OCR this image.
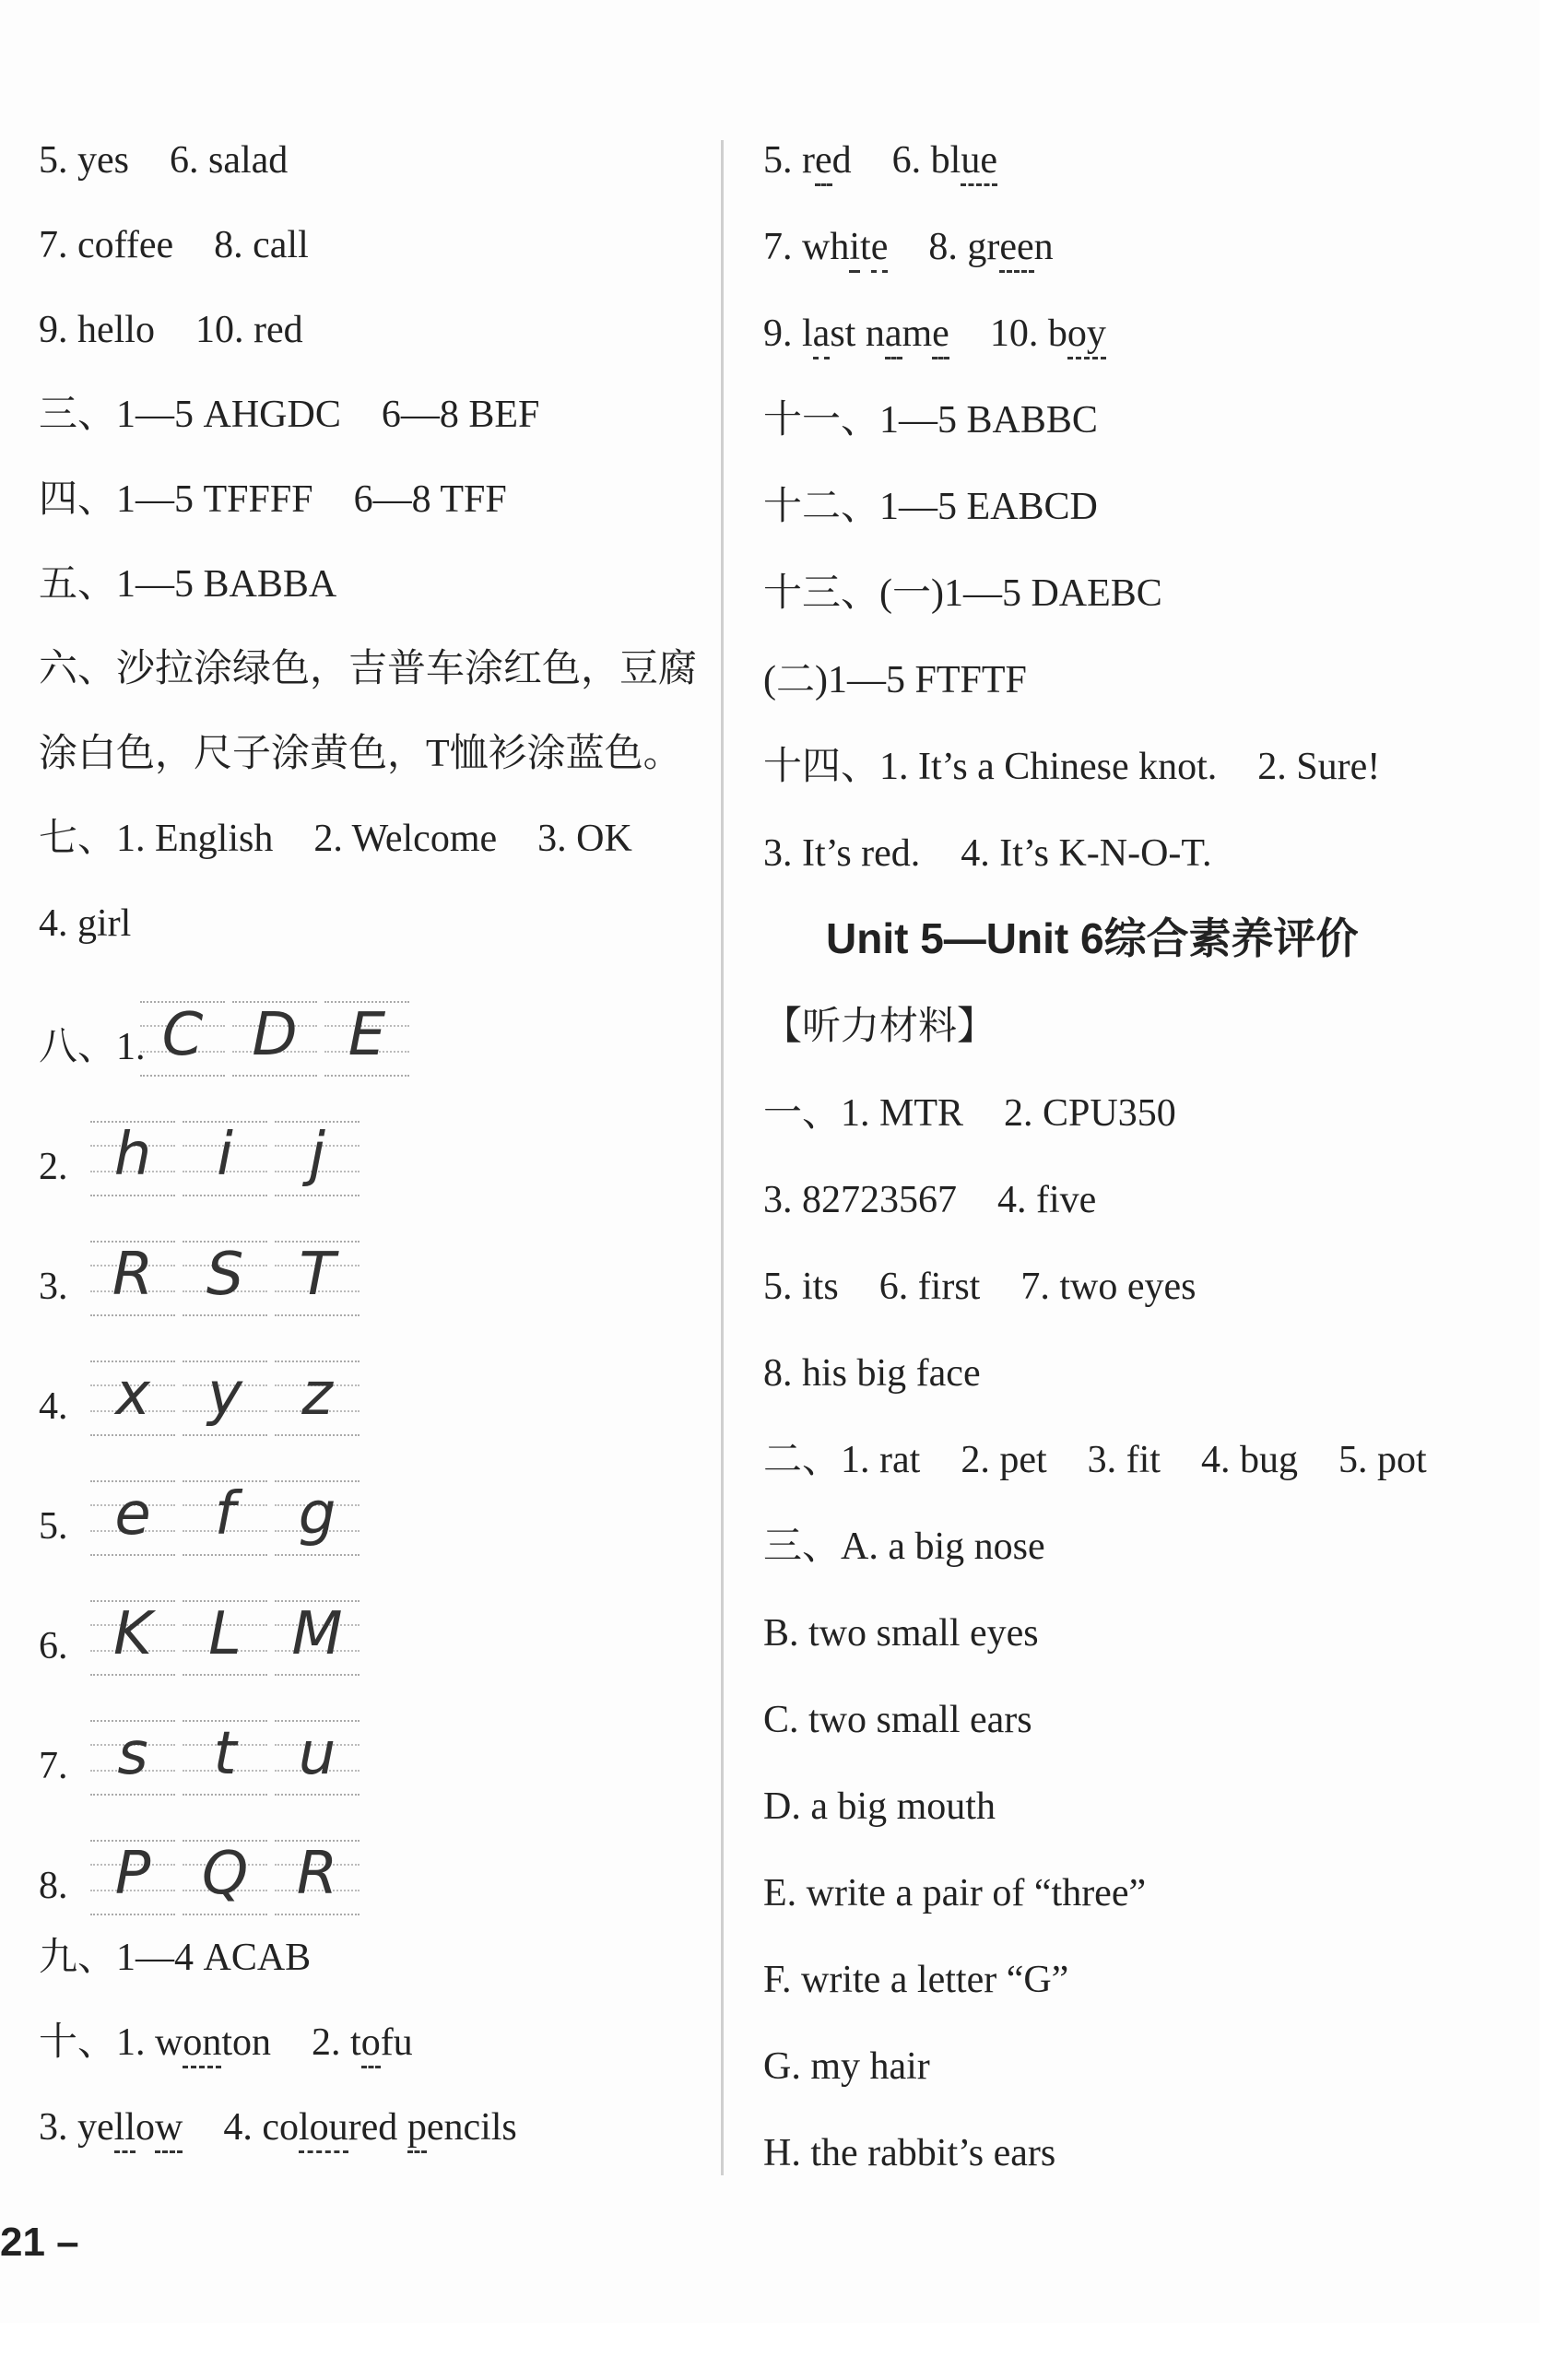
5. yes 6. salad
7. coffee 8. call
9. hello 10. red
三、1—5 AHGDC 6—8 BEF
四、1—5 TFFFF 6—8 TFF
五、1—5 BABBA
六、沙拉涂绿色，吉普车涂红色，豆腐
涂白色，尺子涂黄色，T恤衫涂蓝色。
七、1. English 2. Welcome 3. OK
4. girl
八、1. C D E
2. h	i	j
3. R S T
4. x y	z
5. e	f	g
6. K L M
7. s	t	u
8. P Q R
九、1—4 ACAB
十、1. wonton 2. tofu
3. yellow 4. coloured pencils
5. red 6. blue
7. white 8. green
9. last name 10. boy
十一、1—5 BABBC
十二、1—5 EABCD
十三、(一)1—5 DAEBC
(二)1—5 FTFTF
十四、1. It’s a Chinese knot. 2. Sure!
3. It’s red. 4. It’s K-N-O-T.
Unit 5—Unit 6综合素养评价
【听力材料】
一、1. MTR 2. CPU350
3. 82723567 4. five
5. its 6. first 7. two eyes
8. his big face
二、1. rat 2. pet 3. fit 4. bug 5. pot
三、A. a big nose
B. two small eyes
C. two small ears
D. a big mouth
E. write a pair of “three”
F. write a letter “G”
G. my hair
H. the rabbit’s ears
21 –
